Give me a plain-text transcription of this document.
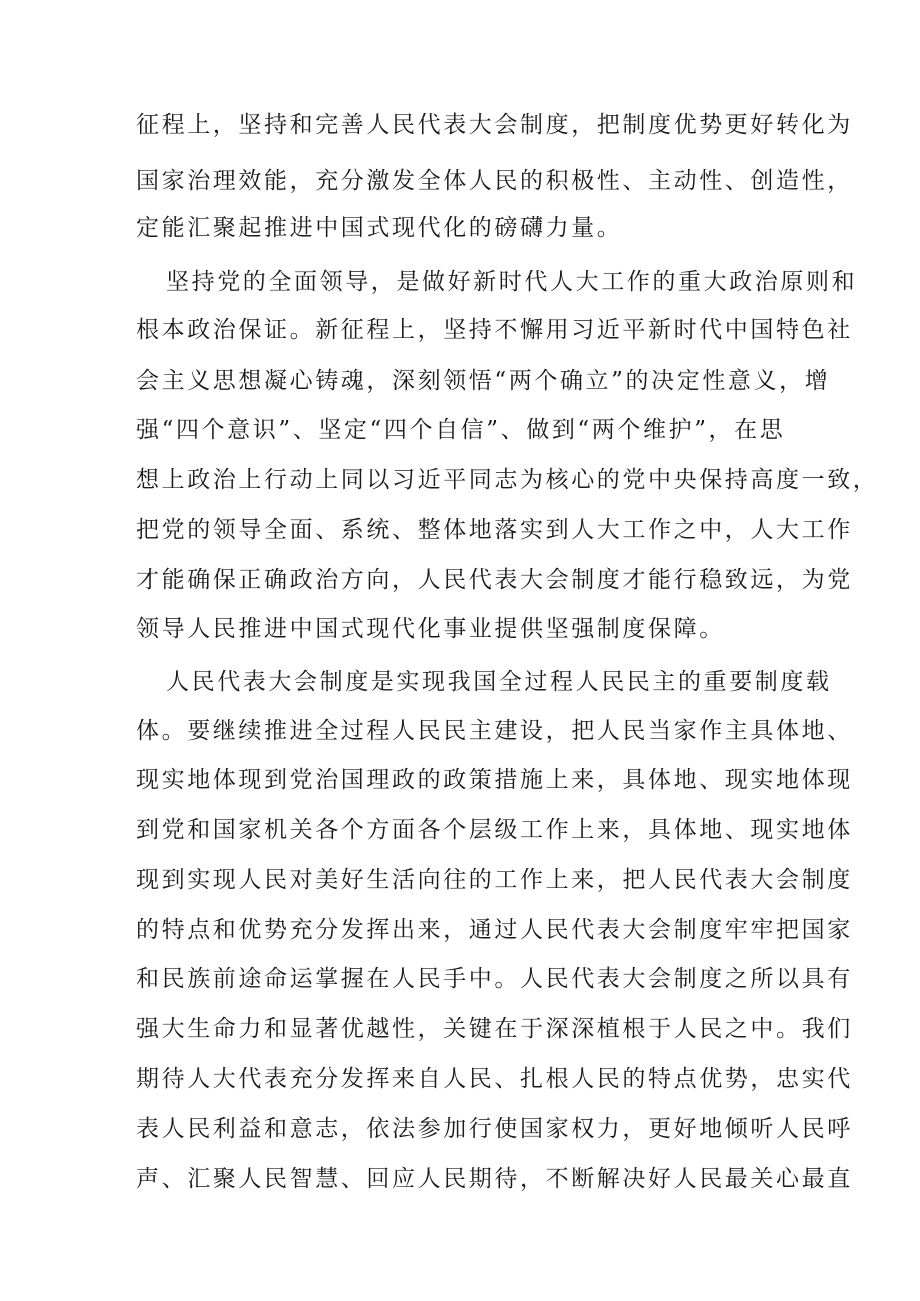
征程上，坚持和完善人民代表大会制度，把制度优势更好转化为
国家治理效能，充分激发全体人民的积极性、主动性、创造性，
定能汇聚起推进中国式现代化的磅礴力量。
坚持党的全面领导，是做好新时代人大工作的重大政治原则和
根本政治保证。新征程上，坚持不懈用习近平新时代中国特色社
会主义思想凝心铸魂，深刻领悟“两个确立”的决定性意义，增
强“四个意识”、坚定“四个自信”、做到“两个维护”，在思
想上政治上行动上同以习近平同志为核心的党中央保持高度一致，
把党的领导全面、系统、整体地落实到人大工作之中，人大工作
才能确保正确政治方向，人民代表大会制度才能行稳致远，为党
领导人民推进中国式现代化事业提供坚强制度保障。
人民代表大会制度是实现我国全过程人民民主的重要制度载
体。要继续推进全过程人民民主建设，把人民当家作主具体地、
现实地体现到党治国理政的政策措施上来，具体地、现实地体现
到党和国家机关各个方面各个层级工作上来，具体地、现实地体
现到实现人民对美好生活向往的工作上来，把人民代表大会制度
的特点和优势充分发挥出来，通过人民代表大会制度牢牢把国家
和民族前途命运掌握在人民手中。人民代表大会制度之所以具有
强大生命力和显著优越性，关键在于深深植根于人民之中。我们
期待人大代表充分发挥来自人民、扎根人民的特点优势，忠实代
表人民利益和意志，依法参加行使国家权力，更好地倾听人民呼
声、汇聚人民智慧、回应人民期待，不断解决好人民最关心最直
